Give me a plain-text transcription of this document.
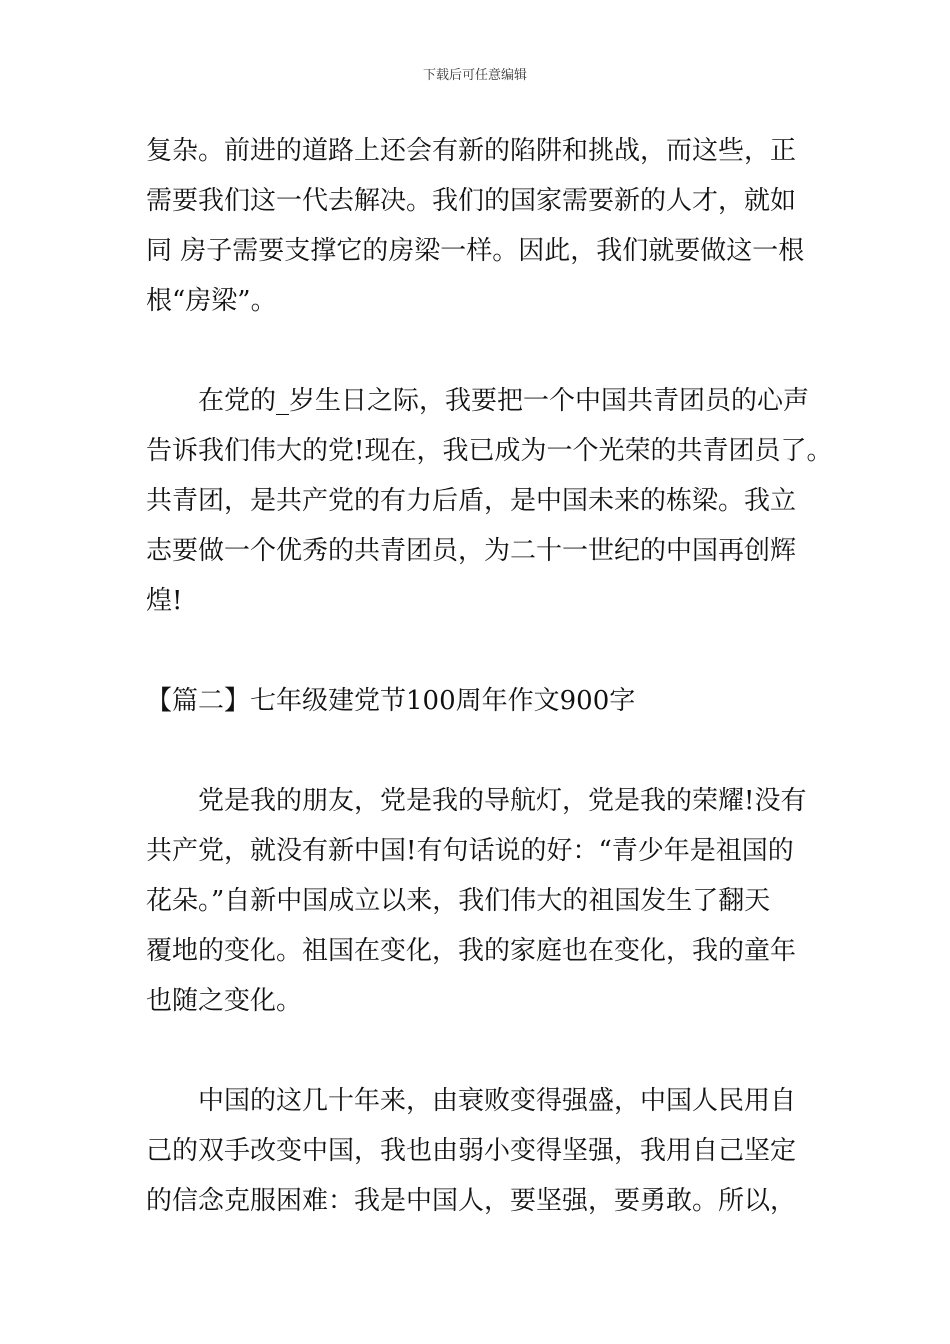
下载后可任意编辑
复杂。前进的道路上还会有新的陷阱和挑战，而这些，正
需要我们这一代去解决。我们的国家需要新的人才，就如
同 房子需要支撑它的房梁一样。因此，我们就要做这一根
根“房梁”。
在党的_岁生日之际，我要把一个中国共青团员的心声
告诉我们伟大的党!现在，我已成为一个光荣的共青团员了。
共青团，是共产党的有力后盾，是中国未来的栋梁。我立
志要做一个优秀的共青团员，为二十一世纪的中国再创辉
煌!
【篇二】七年级建党节100周年作文900字
党是我的朋友，党是我的导航灯，党是我的荣耀!没有
共产党，就没有新中国!有句话说的好：“青少年是祖国的
花朵。”自新中国成立以来，我们伟大的祖国发生了翻天
覆地的变化。祖国在变化，我的家庭也在变化，我的童年
也随之变化。
中国的这几十年来，由衰败变得强盛，中国人民用自
己的双手改变中国，我也由弱小变得坚强，我用自己坚定
的信念克服困难：我是中国人，要坚强，要勇敢。所以，
